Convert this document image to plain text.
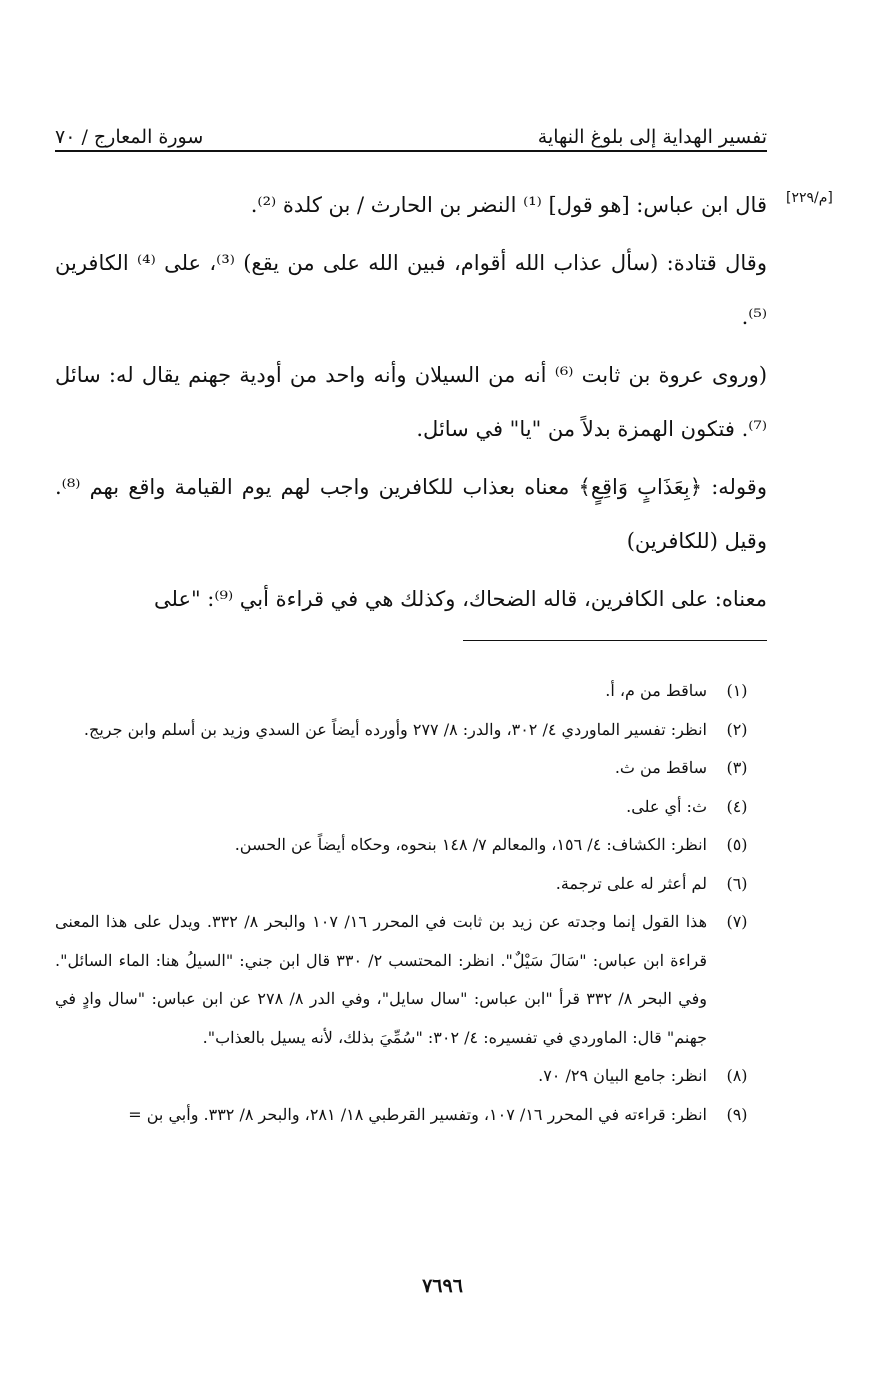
سورة المعارج / ٧٠	تفسير الهداية إلى بلوغ النهاية
[م/٢٢٩]

قال ابن عباس: [هو قول] ⁽¹⁾ النضر بن الحارث / بن كلدة ⁽²⁾.

وقال قتادة: (سأل عذاب الله أقوام، فبين الله على من يقع) ⁽³⁾، على ⁽⁴⁾ الكافرين ⁽⁵⁾.

(وروى عروة بن ثابت ⁽⁶⁾ أنه من السيلان وأنه واحد من أودية جهنم يقال له: سائل ⁽⁷⁾. فتكون الهمزة بدلاً من "يا" في سائل.

وقوله: ﴿بِعَذَابٍ وَاقِعٍ﴾ معناه بعذاب للكافرين واجب لهم يوم القيامة واقع بهم ⁽⁸⁾. وقيل (للكافرين)

معناه: على الكافرين، قاله الضحاك، وكذلك هي في قراءة أبي ⁽⁹⁾: "على

(١)
ساقط من م، أ.
(٢)
انظر: تفسير الماوردي ٤/ ٣٠٢، والدر: ٨/ ٢٧٧ وأورده أيضاً عن السدي وزيد بن أسلم وابن جريج.
(٣)
ساقط من ث.
(٤)
ث: أي على.
(٥)
انظر: الكشاف: ٤/ ١٥٦، والمعالم ٧/ ١٤٨ بنحوه، وحكاه أيضاً عن الحسن.
(٦)
لم أعثر له على ترجمة.
(٧)
هذا القول إنما وجدته عن زيد بن ثابت في المحرر ١٦/ ١٠٧ والبحر ٨/ ٣٣٢. ويدل على هذا المعنى قراءة ابن عباس: "سَالَ سَيْلٌ". انظر: المحتسب ٢/ ٣٣٠ قال ابن جني: "السيلُ هنا: الماء السائل". وفي البحر ٨/ ٣٣٢ قرأ "ابن عباس: "سال سايل"، وفي الدر ٨/ ٢٧٨ عن ابن عباس: "سال وادٍ في جهنم" قال: الماوردي في تفسيره: ٤/ ٣٠٢: "سُمِّيَ بذلك، لأنه يسيل بالعذاب".
(٨)
انظر: جامع البيان ٢٩/ ٧٠.
(٩)
انظر: قراءته في المحرر ١٦/ ١٠٧، وتفسير القرطبي ١٨/ ٢٨١، والبحر ٨/ ٣٣٢. وأبي بن =
٧٦٩٦
